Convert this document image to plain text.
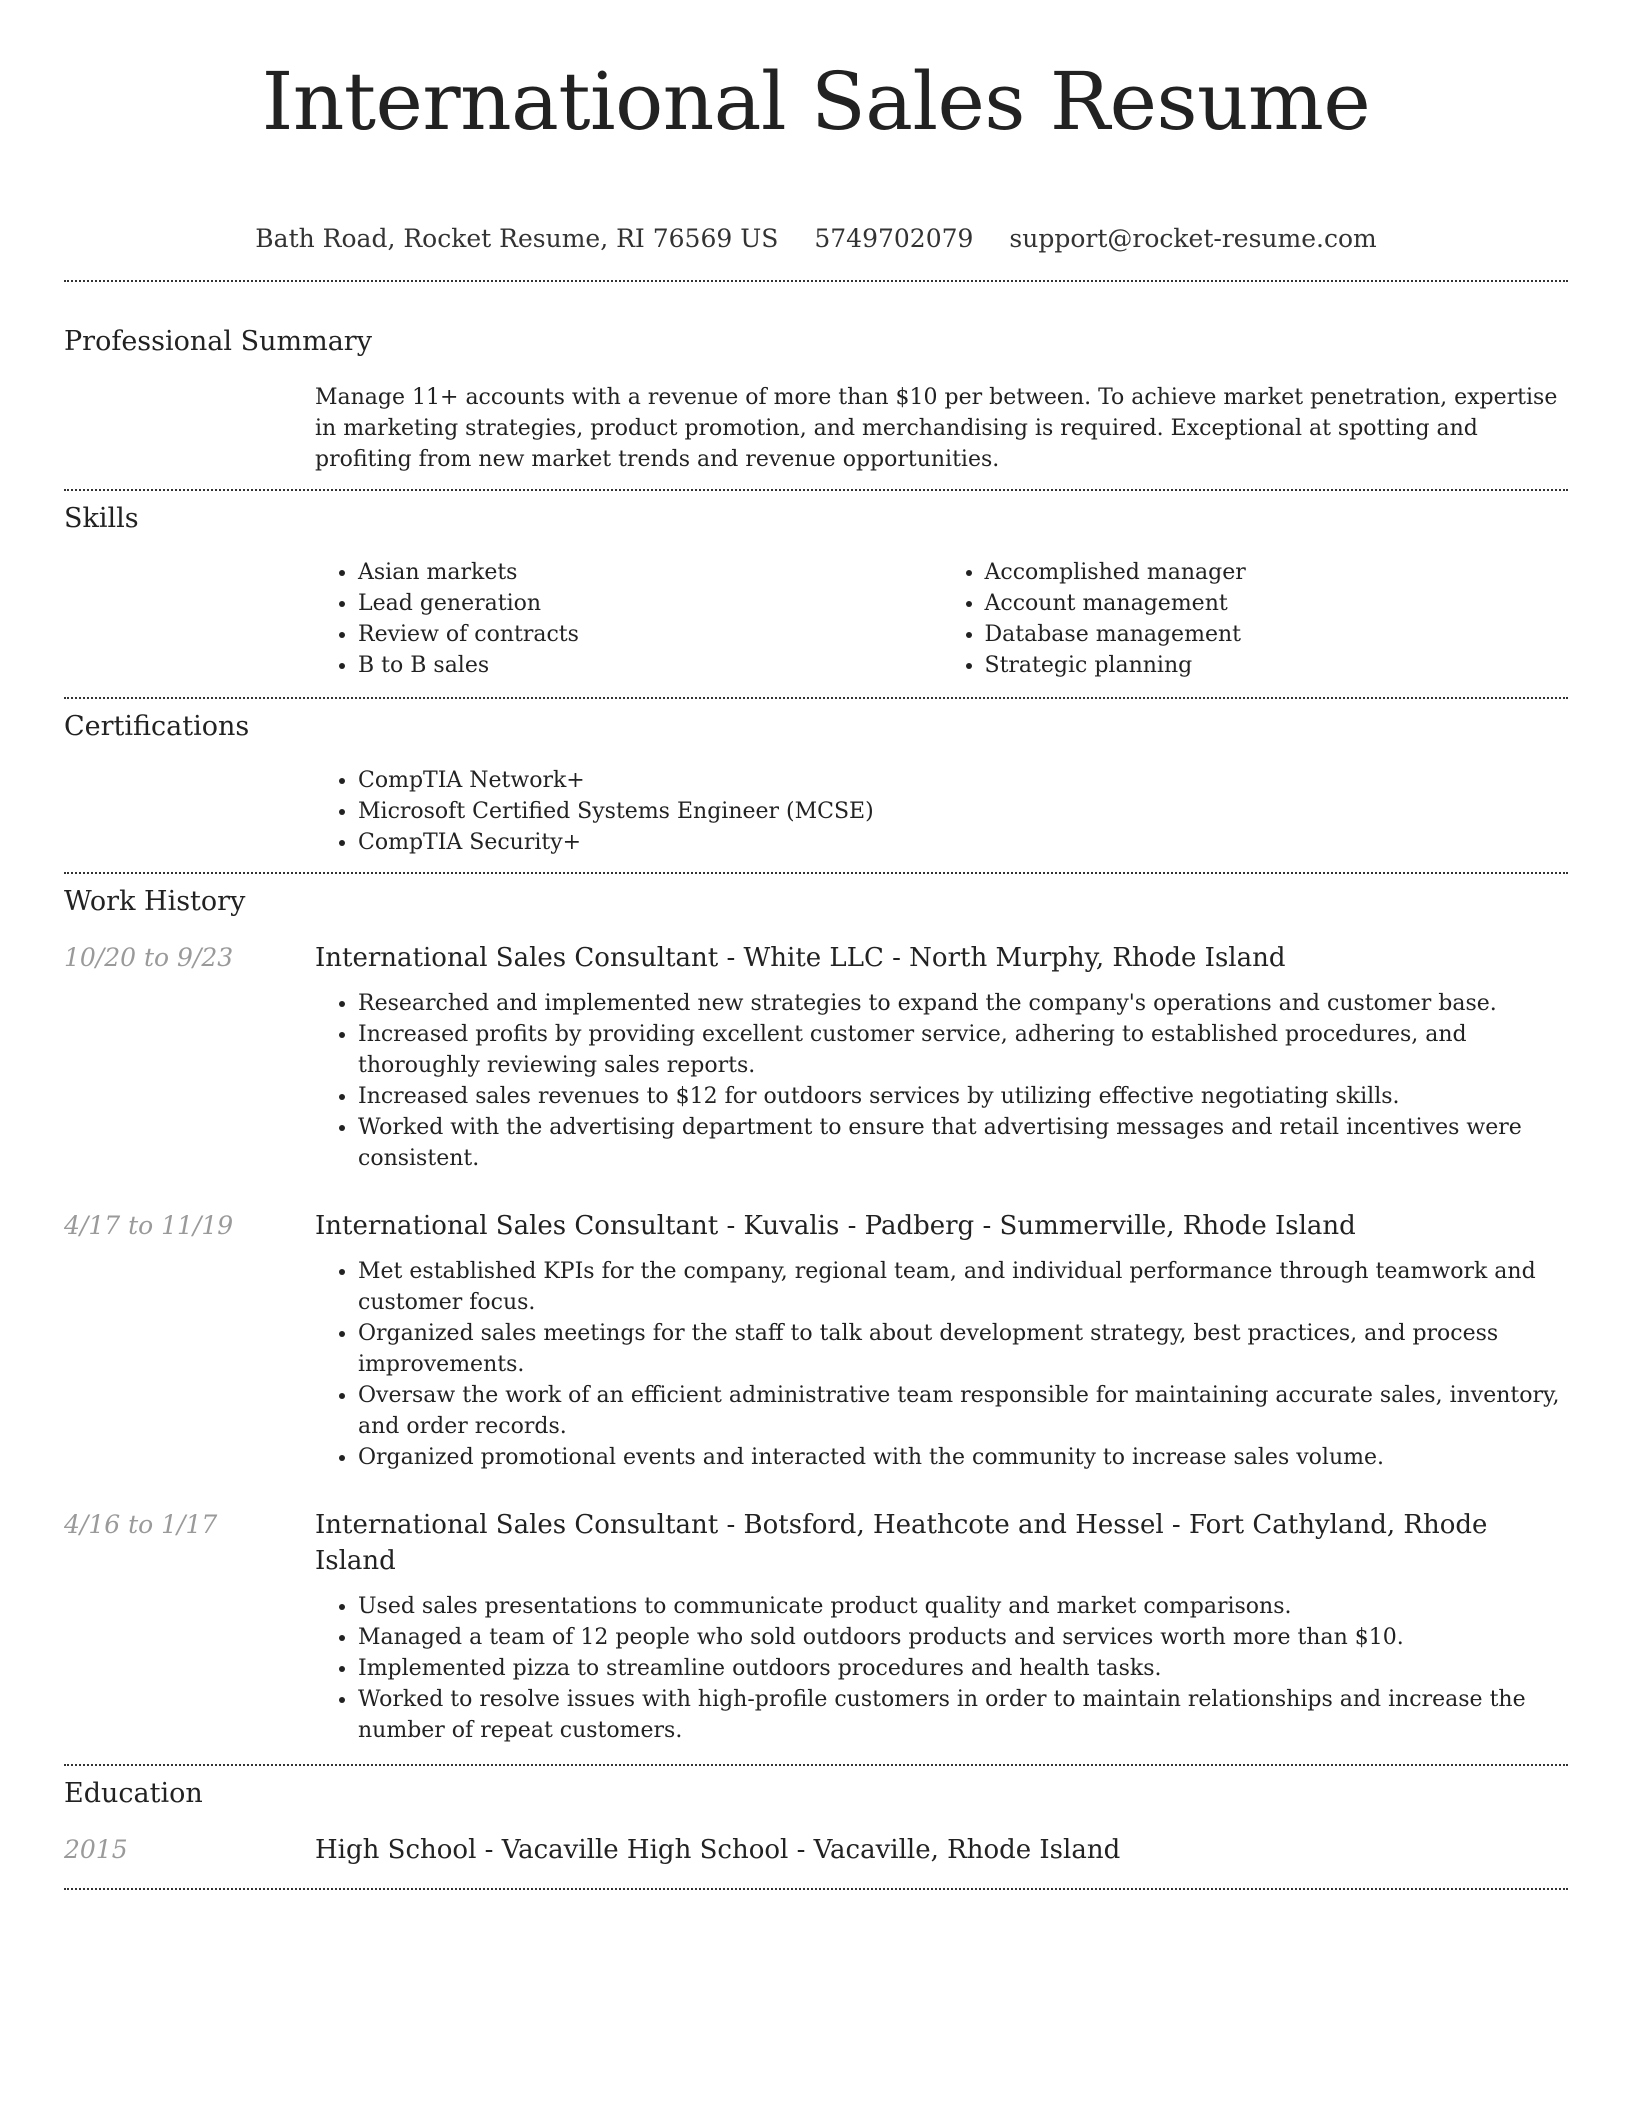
International Sales Resume
Bath Road, Rocket Resume, RI 76569 US 5749702079 support@rocket-resume.com
Professional Summary
Manage 11+ accounts with a revenue of more than $10 per between. To achieve market penetration, expertise in marketing strategies, product promotion, and merchandising is required. Exceptional at spotting and profiting from new market trends and revenue opportunities.
Skills
• Asian markets
• Lead generation
• Review of contracts
• B to B sales
• Accomplished manager
• Account management
• Database management
• Strategic planning
Certifications
• CompTIA Network+
• Microsoft Certified Systems Engineer (MCSE)
• CompTIA Security+
Work History
10/20 to 9/23	International Sales Consultant - White LLC - North Murphy, Rhode Island
• Researched and implemented new strategies to expand the company's operations and customer base.
• Increased profits by providing excellent customer service, adhering to established procedures, and thoroughly reviewing sales reports.
• Increased sales revenues to $12 for outdoors services by utilizing effective negotiating skills.
• Worked with the advertising department to ensure that advertising messages and retail incentives were consistent.
4/17 to 11/19	International Sales Consultant - Kuvalis - Padberg - Summerville, Rhode Island
• Met established KPIs for the company, regional team, and individual performance through teamwork and customer focus.
• Organized sales meetings for the staff to talk about development strategy, best practices, and process improvements.
• Oversaw the work of an efficient administrative team responsible for maintaining accurate sales, inventory, and order records.
• Organized promotional events and interacted with the community to increase sales volume.
4/16 to 1/17	International Sales Consultant - Botsford, Heathcote and Hessel - Fort Cathyland, Rhode Island
• Used sales presentations to communicate product quality and market comparisons.
• Managed a team of 12 people who sold outdoors products and services worth more than $10.
• Implemented pizza to streamline outdoors procedures and health tasks.
• Worked to resolve issues with high-profile customers in order to maintain relationships and increase the number of repeat customers.
Education
2015	High School - Vacaville High School - Vacaville, Rhode Island
